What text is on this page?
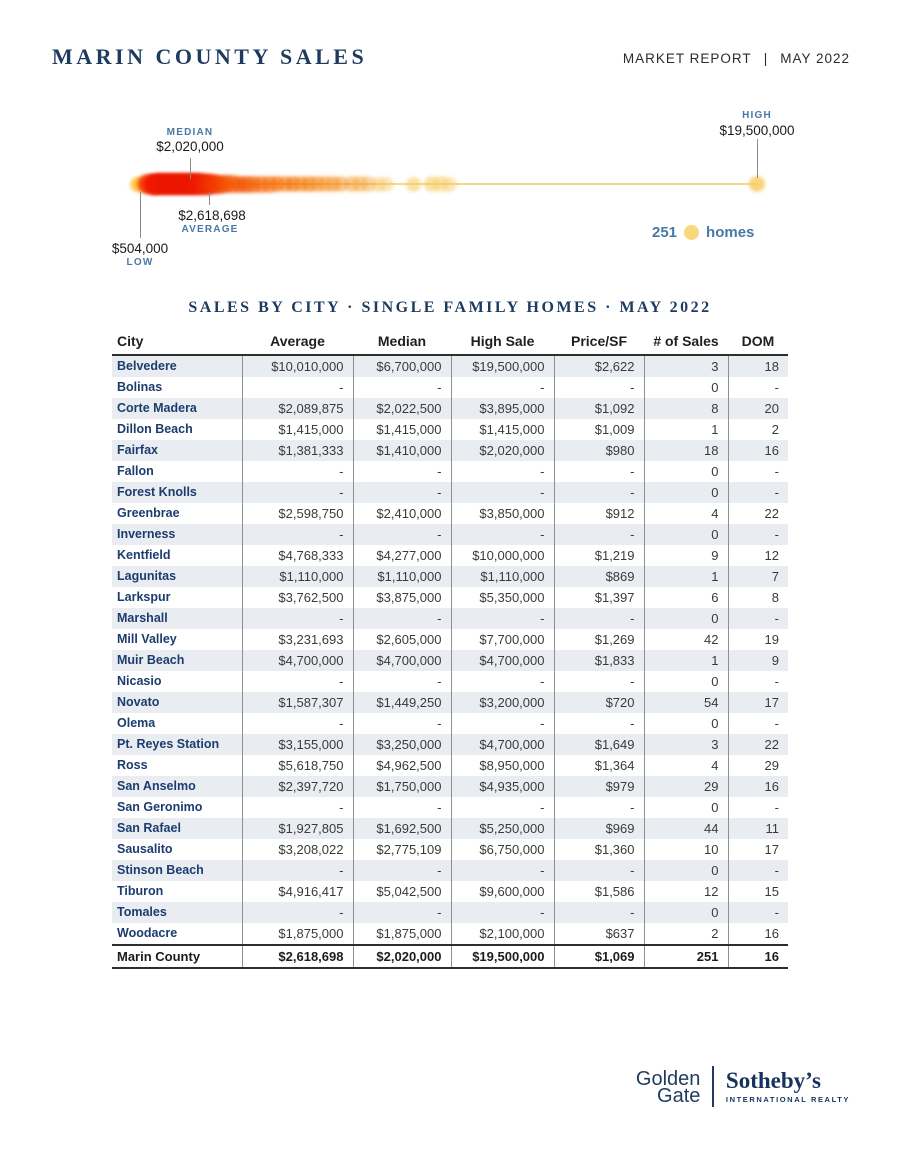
MARIN COUNTY SALES	MARKET REPORT | MAY 2022
MEDIAN
$2,020,000
HIGH
$19,500,000
$2,618,698
AVERAGE
$504,000
LOW
251 homes
SALES BY CITY · SINGLE FAMILY HOMES · MAY 2022
City	Average	Median	High Sale	Price/SF	# of Sales	DOM
Belvedere	$10,010,000	$6,700,000	$19,500,000	$2,622	3	18
Bolinas	-	-	-	-	0	-
Corte Madera	$2,089,875	$2,022,500	$3,895,000	$1,092	8	20
Dillon Beach	$1,415,000	$1,415,000	$1,415,000	$1,009	1	2
Fairfax	$1,381,333	$1,410,000	$2,020,000	$980	18	16
Fallon	-	-	-	-	0	-
Forest Knolls	-	-	-	-	0	-
Greenbrae	$2,598,750	$2,410,000	$3,850,000	$912	4	22
Inverness	-	-	-	-	0	-
Kentfield	$4,768,333	$4,277,000	$10,000,000	$1,219	9	12
Lagunitas	$1,110,000	$1,110,000	$1,110,000	$869	1	7
Larkspur	$3,762,500	$3,875,000	$5,350,000	$1,397	6	8
Marshall	-	-	-	-	0	-
Mill Valley	$3,231,693	$2,605,000	$7,700,000	$1,269	42	19
Muir Beach	$4,700,000	$4,700,000	$4,700,000	$1,833	1	9
Nicasio	-	-	-	-	0	-
Novato	$1,587,307	$1,449,250	$3,200,000	$720	54	17
Olema	-	-	-	-	0	-
Pt. Reyes Station	$3,155,000	$3,250,000	$4,700,000	$1,649	3	22
Ross	$5,618,750	$4,962,500	$8,950,000	$1,364	4	29
San Anselmo	$2,397,720	$1,750,000	$4,935,000	$979	29	16
San Geronimo	-	-	-	-	0	-
San Rafael	$1,927,805	$1,692,500	$5,250,000	$969	44	11
Sausalito	$3,208,022	$2,775,109	$6,750,000	$1,360	10	17
Stinson Beach	-	-	-	-	0	-
Tiburon	$4,916,417	$5,042,500	$9,600,000	$1,586	12	15
Tomales	-	-	-	-	0	-
Woodacre	$1,875,000	$1,875,000	$2,100,000	$637	2	16
Marin County	$2,618,698	$2,020,000	$19,500,000	$1,069	251	16
Golden
Gate
Sotheby’s
INTERNATIONAL REALTY
